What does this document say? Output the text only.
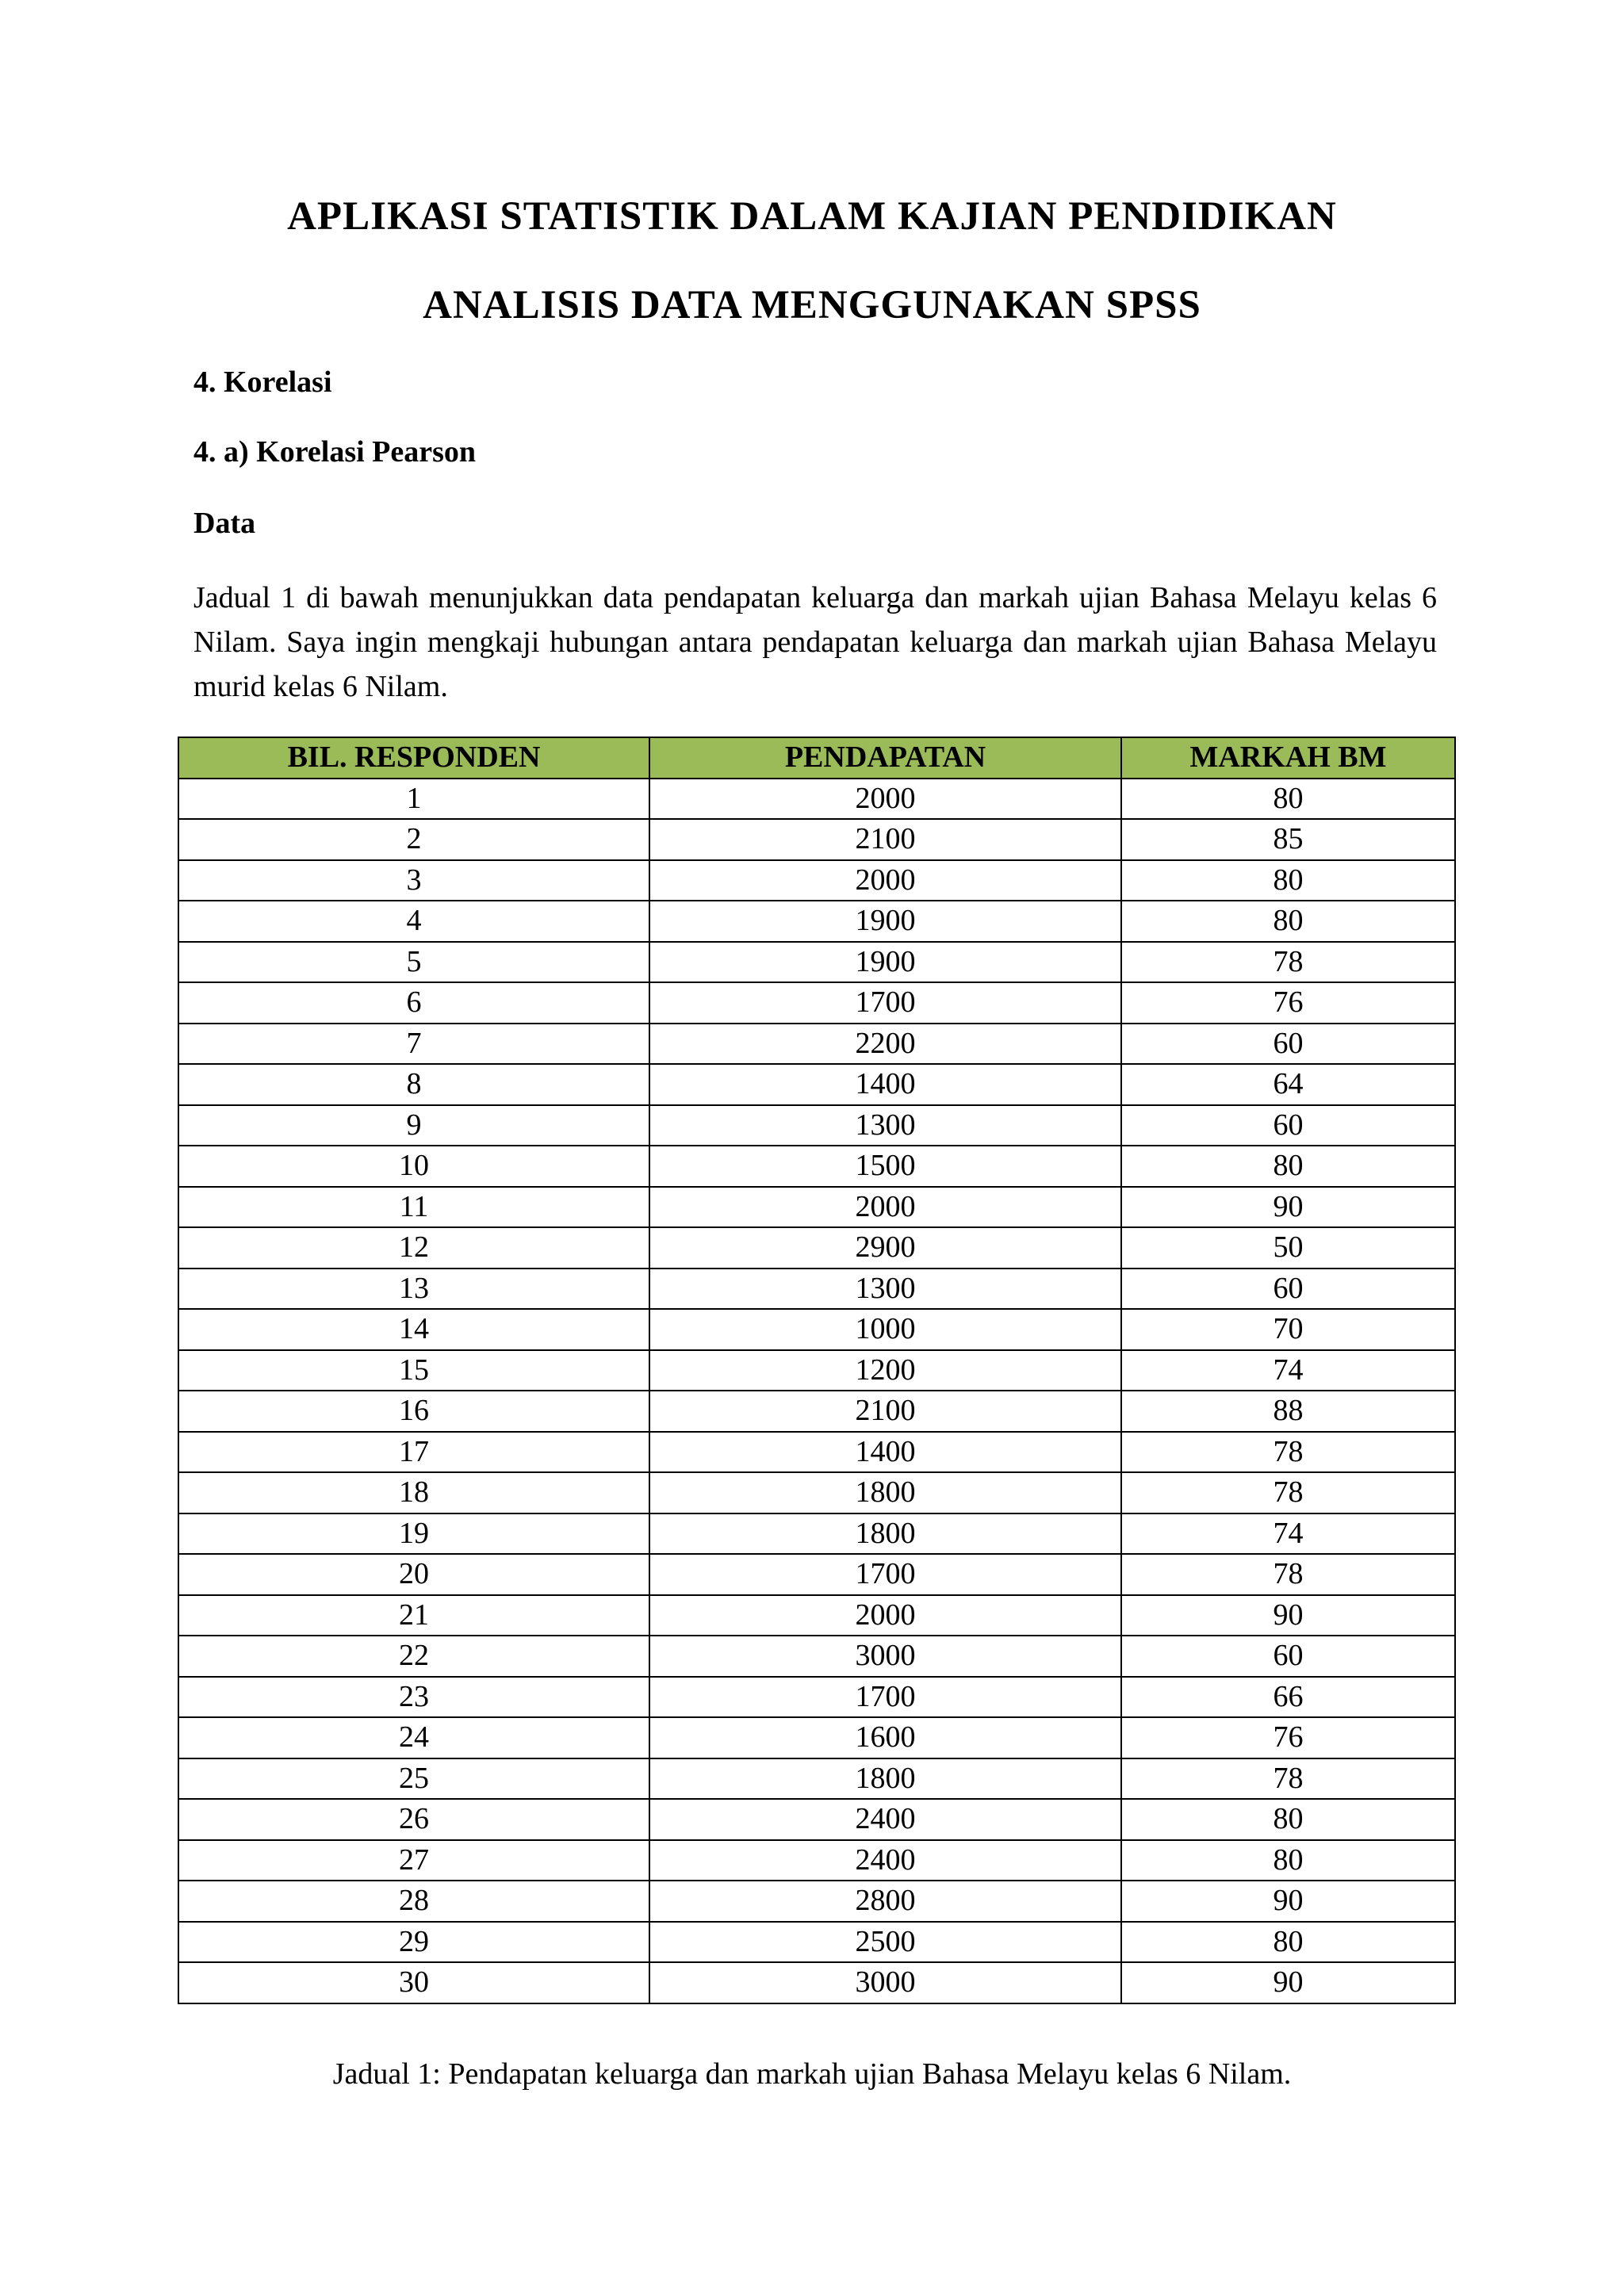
APLIKASI STATISTIK DALAM KAJIAN PENDIDIKAN
ANALISIS DATA MENGGUNAKAN SPSS
4. Korelasi
4. a) Korelasi Pearson
Data

Jadual 1 di bawah menunjukkan data pendapatan keluarga dan markah ujian Bahasa Melayu kelas 6 Nilam. Saya ingin mengkaji hubungan antara pendapatan keluarga dan markah ujian Bahasa Melayu murid kelas 6 Nilam.

BIL. RESPONDEN	PENDAPATAN	MARKAH BM
1	2000	80
2	2100	85
3	2000	80
4	1900	80
5	1900	78
6	1700	76
7	2200	60
8	1400	64
9	1300	60
10	1500	80
11	2000	90
12	2900	50
13	1300	60
14	1000	70
15	1200	74
16	2100	88
17	1400	78
18	1800	78
19	1800	74
20	1700	78
21	2000	90
22	3000	60
23	1700	66
24	1600	76
25	1800	78
26	2400	80
27	2400	80
28	2800	90
29	2500	80
30	3000	90

Jadual 1: Pendapatan keluarga dan markah ujian Bahasa Melayu kelas 6 Nilam.
